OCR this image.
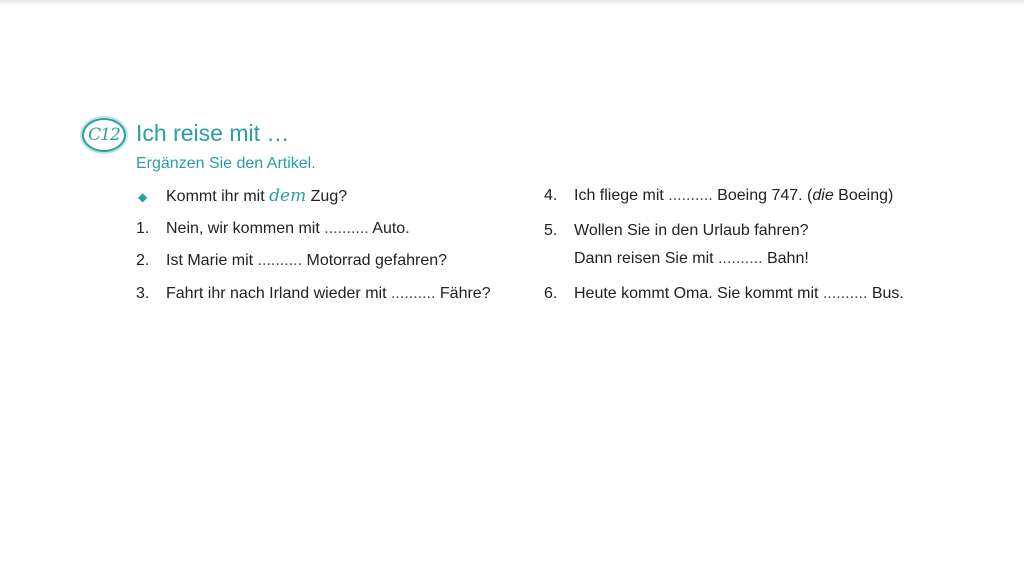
C12 Ich reise mit …
Ergänzen Sie den Artikel.
◆ Kommt ihr mit dem Zug?
1.	Nein, wir kommen mit .......... Auto.
2.	Ist Marie mit .......... Motorrad gefahren?
3.	Fahrt ihr nach Irland wieder mit .......... Fähre?
4.	Ich fliege mit .......... Boeing 747. (die Boeing)
5.	Wollen Sie in den Urlaub fahren?
Dann reisen Sie mit .......... Bahn!
6.	Heute kommt Oma. Sie kommt mit .......... Bus.
